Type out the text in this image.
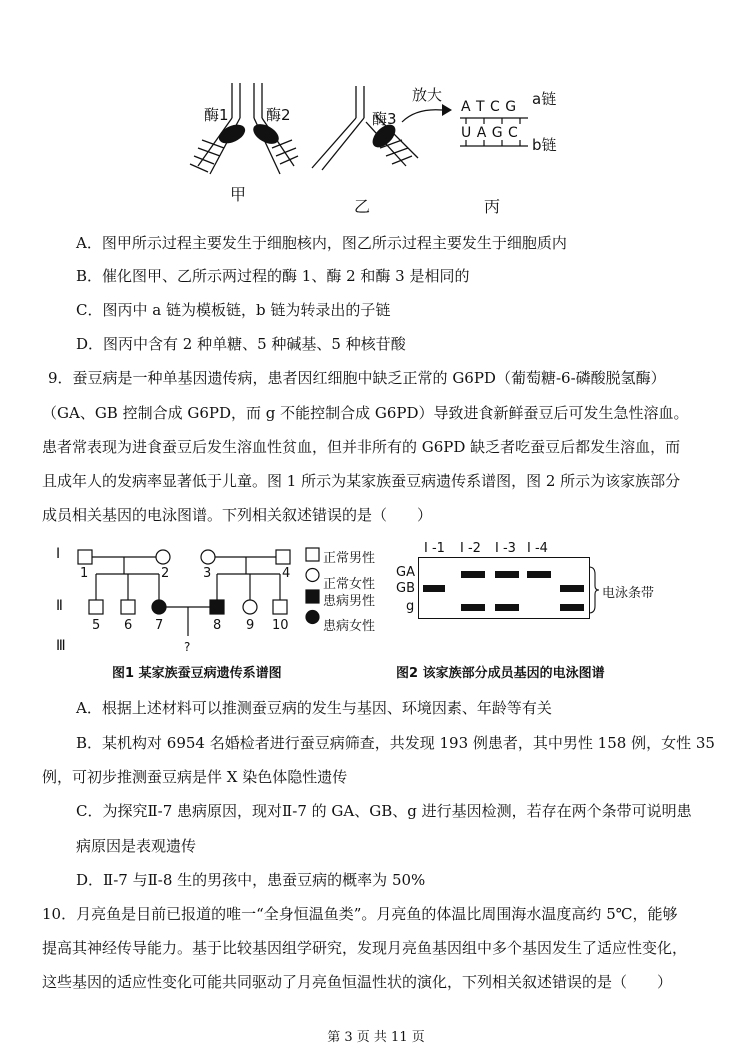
酶1 酶2	酶3
放大
A T C G
U A G C
a链
b链
甲
乙	丙
A．图甲所示过程主要发生于细胞核内，图乙所示过程主要发生于细胞质内
B．催化图甲、乙所示两过程的酶 1、酶 2 和酶 3 是相同的
C．图丙中 a 链为模板链，b 链为转录出的子链
D．图丙中含有 2 种单糖、5 种碱基、5 种核苷酸
9．蚕豆病是一种单基因遗传病，患者因红细胞中缺乏正常的 G6PD（葡萄糖-6-磷酸脱氢酶）
（GA、GB 控制合成 G6PD，而 g 不能控制合成 G6PD）导致进食新鲜蚕豆后可发生急性溶血。
患者常表现为进食蚕豆后发生溶血性贫血，但并非所有的 G6PD 缺乏者吃蚕豆后都发生溶血，而
且成年人的发病率显著低于儿童。图 1 所示为某家族蚕豆病遗传系谱图，图 2 所示为该家族部分
成员相关基因的电泳图谱。下列相关叙述错误的是（　　）
Ⅰ
Ⅱ
Ⅲ
1	2	3	4
5 6 7	8 9 10
?
正常男性
正常女性
患病男性
患病女性
图1 某家族蚕豆病遗传系谱图
I -1 I -2 I -3 I -4
GA
GB
g
电泳条带
图2 该家族部分成员基因的电泳图谱
A．根据上述材料可以推测蚕豆病的发生与基因、环境因素、年龄等有关
B．某机构对 6954 名婚检者进行蚕豆病筛查，共发现 193 例患者，其中男性 158 例，女性 35
例，可初步推测蚕豆病是伴 X 染色体隐性遗传
C．为探究Ⅱ-7 患病原因，现对Ⅱ-7 的 GA、GB、g 进行基因检测，若存在两个条带可说明患
病原因是表观遗传
D．Ⅱ-7 与Ⅱ-8 生的男孩中，患蚕豆病的概率为 50%
10．月亮鱼是目前已报道的唯一“全身恒温鱼类”。月亮鱼的体温比周围海水温度高约 5℃，能够
提高其神经传导能力。基于比较基因组学研究，发现月亮鱼基因组中多个基因发生了适应性变化，
这些基因的适应性变化可能共同驱动了月亮鱼恒温性状的演化，下列相关叙述错误的是（　　）
第 3 页 共 11 页
